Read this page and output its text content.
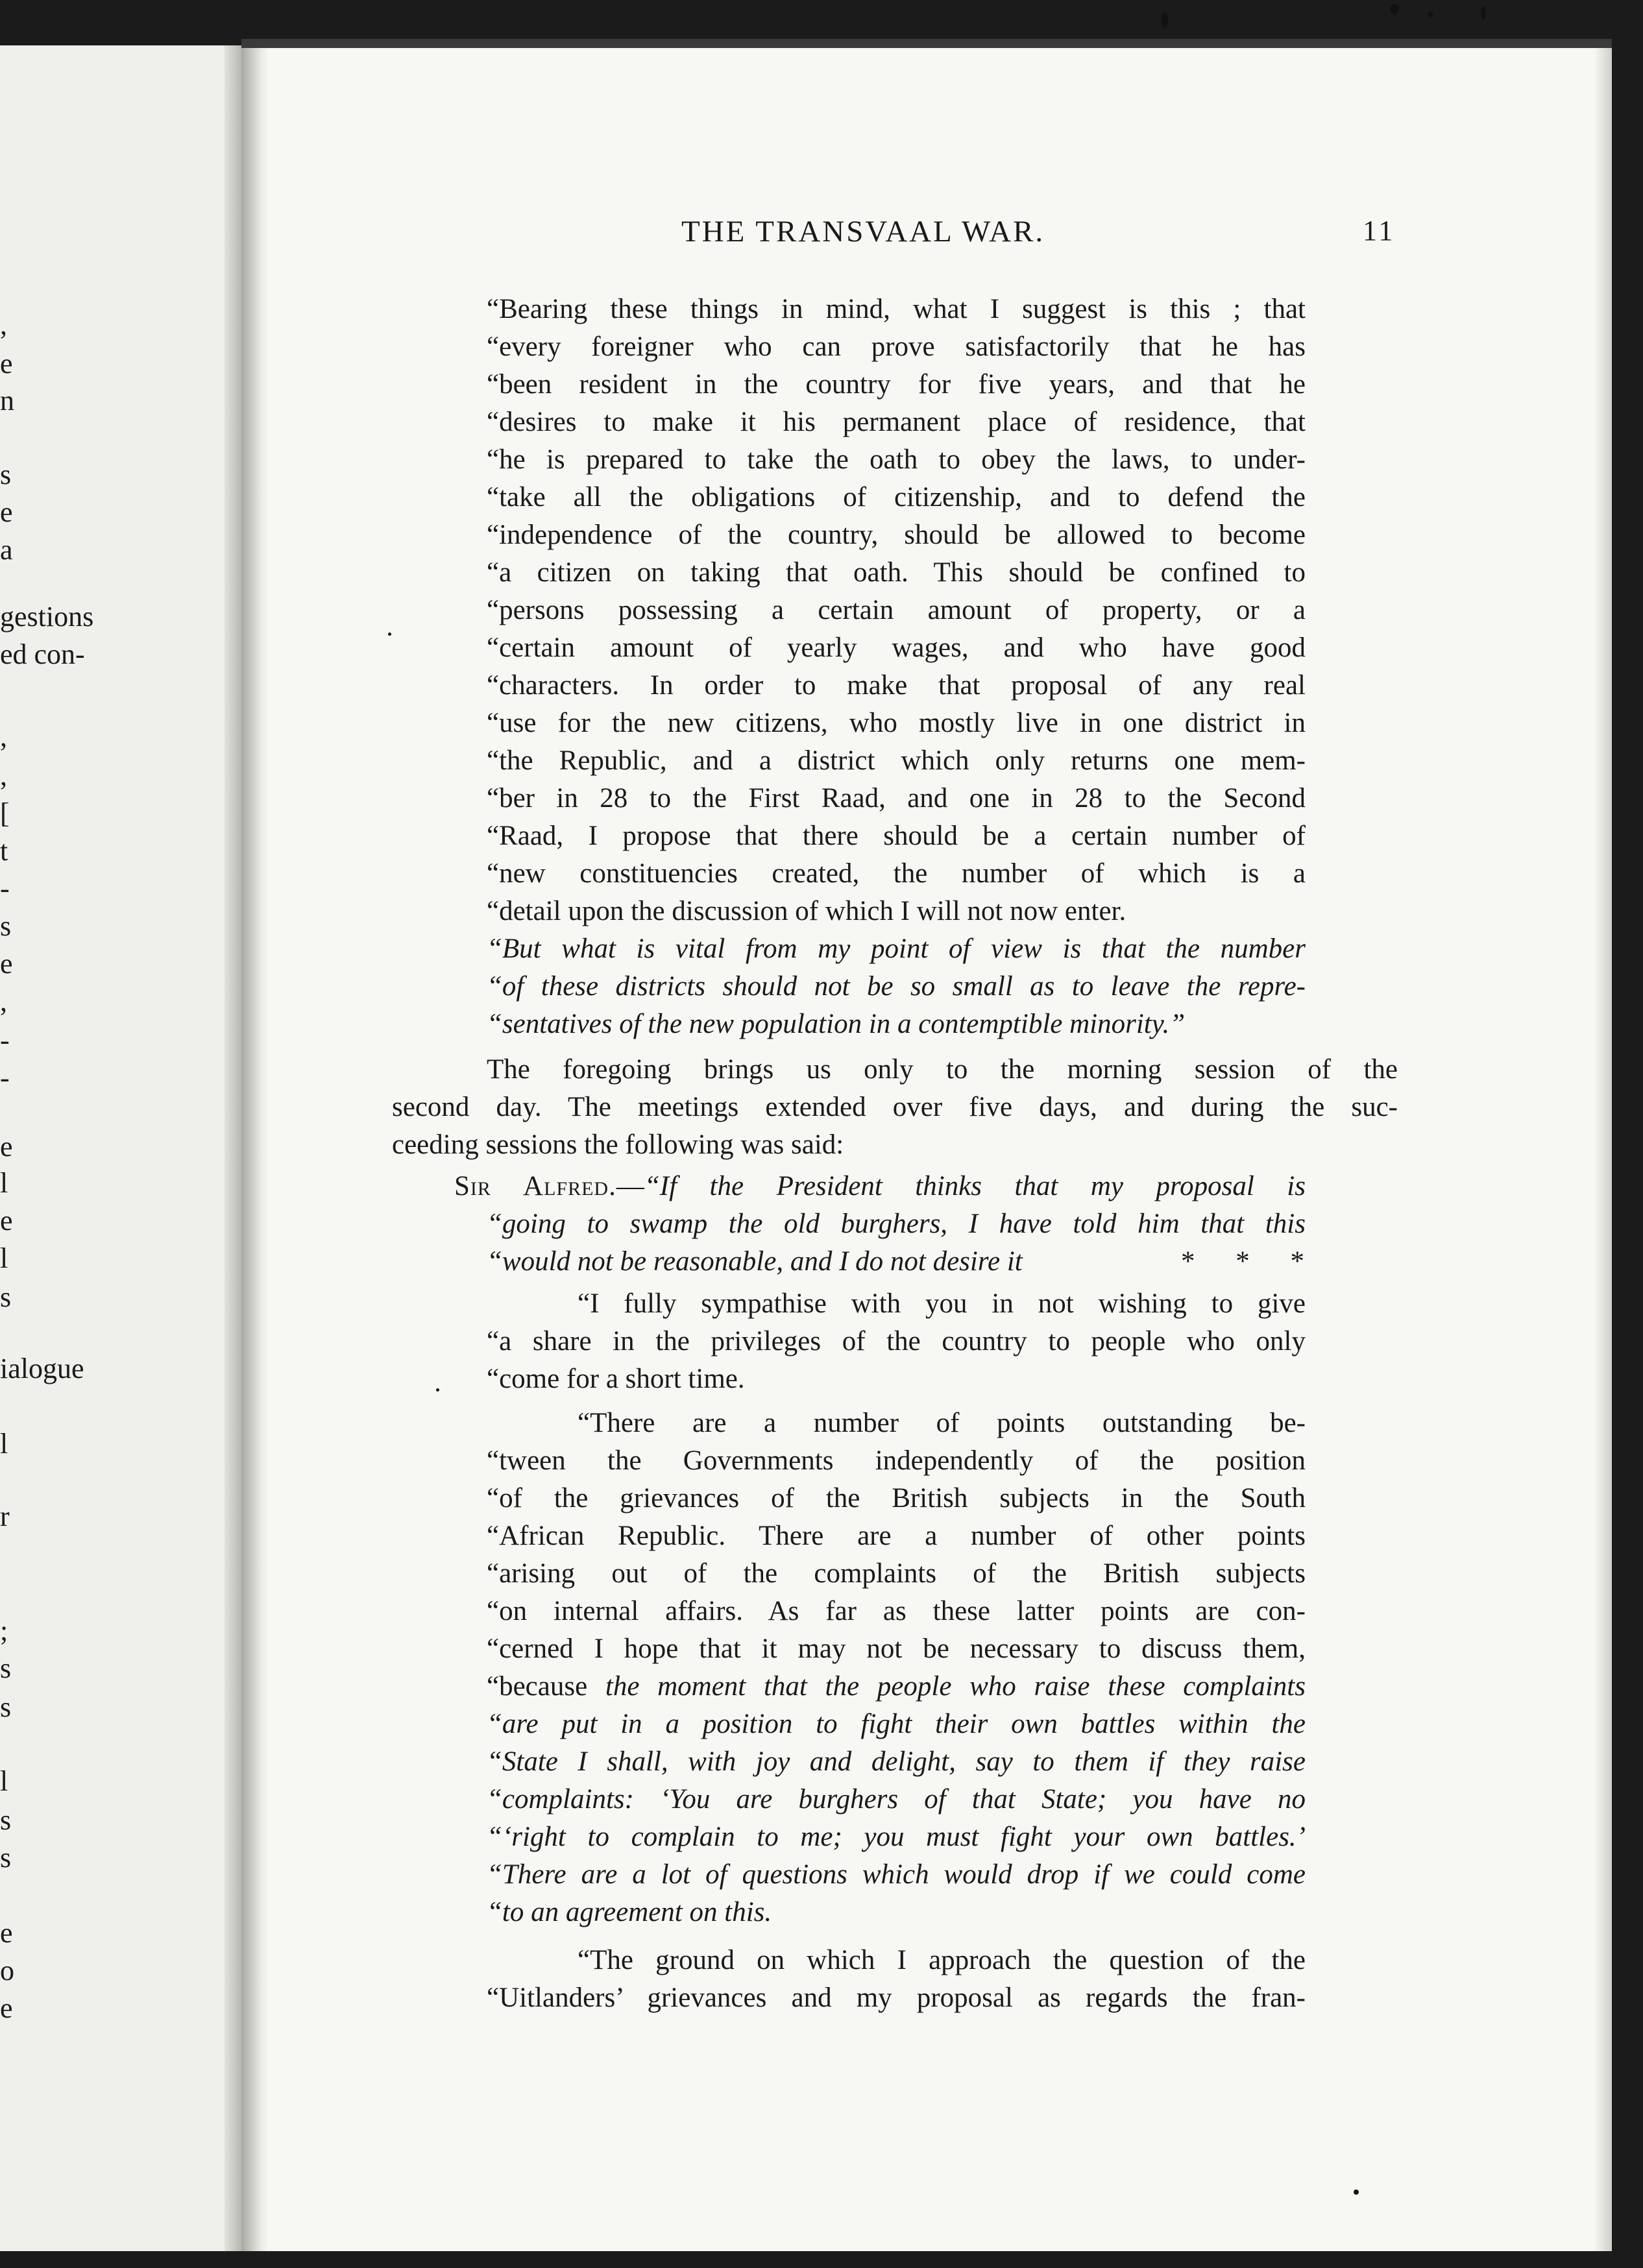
,
e
n
s
e
a
gestions
ed con-
,
,
[
t
-
s
e
,
-
-
e
l
e
l
s
ialogue
l
r
;
s
s
l
s
s
e
o
e
THE TRANSVAAL WAR.	11
“Bearing these things in mind, what I suggest is this ; that
“every foreigner who can prove satisfactorily that he has
“been resident in the country for five years, and that he
“desires to make it his permanent place of residence, that
“he is prepared to take the oath to obey the laws, to under-
“take all the obligations of citizenship, and to defend the
“independence of the country, should be allowed to become
“a citizen on taking that oath. This should be confined to
“persons possessing a certain amount of property, or a
“certain amount of yearly wages, and who have good
“characters. In order to make that proposal of any real
“use for the new citizens, who mostly live in one district in
“the Republic, and a district which only returns one mem-
“ber in 28 to the First Raad, and one in 28 to the Second
“Raad, I propose that there should be a certain number of
“new constituencies created, the number of which is a
“detail upon the discussion of which I will not now enter.
“But what is vital from my point of view is that the number
“of these districts should not be so small as to leave the repre-
“sentatives of the new population in a contemptible minority.”
The foregoing brings us only to the morning session of the
second day. The meetings extended over five days, and during the suc-
ceeding sessions the following was said:
Sir Alfred.—“If the President thinks that my proposal is
“going to swamp the old burghers, I have told him that this
“would not be reasonable, and I do not desire it	* * *
“I fully sympathise with you in not wishing to give
“a share in the privileges of the country to people who only
“come for a short time.
“There are a number of points outstanding be-
“tween the Governments independently of the position
“of the grievances of the British subjects in the South
“African Republic. There are a number of other points
“arising out of the complaints of the British subjects
“on internal affairs. As far as these latter points are con-
“cerned I hope that it may not be necessary to discuss them,
“because the moment that the people who raise these complaints
“are put in a position to fight their own battles within the
“State I shall, with joy and delight, say to them if they raise
“complaints: ‘You are burghers of that State; you have no
“‘right to complain to me; you must fight your own battles.’
“There are a lot of questions which would drop if we could come
“to an agreement on this.
“The ground on which I approach the question of the
“Uitlanders’ grievances and my proposal as regards the fran-
